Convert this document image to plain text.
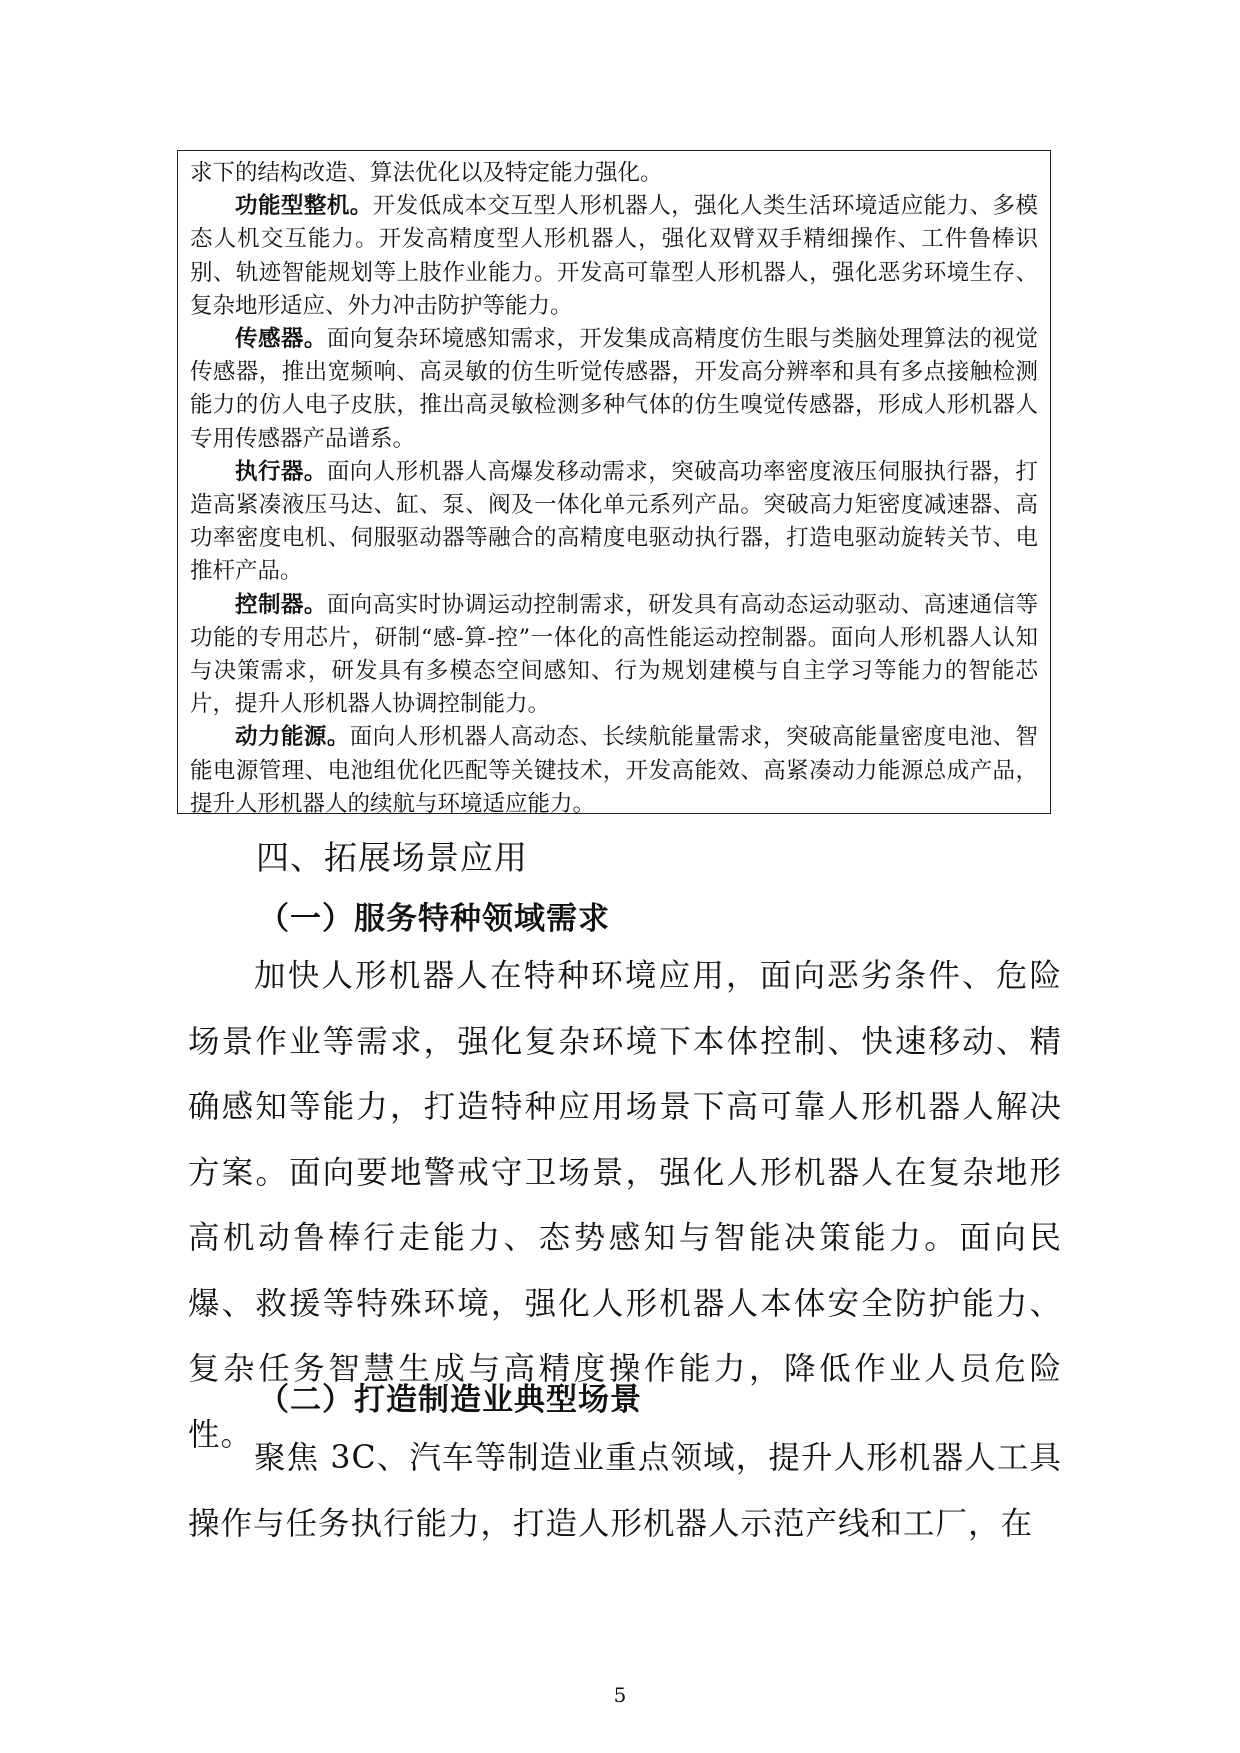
求下的结构改造、算法优化以及特定能力强化。

功能型整机。开发低成本交互型人形机器人，强化人类生活环境适应能力、多模态人机交互能力。开发高精度型人形机器人，强化双臂双手精细操作、工件鲁棒识别、轨迹智能规划等上肢作业能力。开发高可靠型人形机器人，强化恶劣环境生存、复杂地形适应、外力冲击防护等能力。

传感器。面向复杂环境感知需求，开发集成高精度仿生眼与类脑处理算法的视觉传感器，推出宽频响、高灵敏的仿生听觉传感器，开发高分辨率和具有多点接触检测能力的仿人电子皮肤，推出高灵敏检测多种气体的仿生嗅觉传感器，形成人形机器人专用传感器产品谱系。

执行器。面向人形机器人高爆发移动需求，突破高功率密度液压伺服执行器，打造高紧凑液压马达、缸、泵、阀及一体化单元系列产品。突破高力矩密度减速器、高功率密度电机、伺服驱动器等融合的高精度电驱动执行器，打造电驱动旋转关节、电推杆产品。

控制器。面向高实时协调运动控制需求，研发具有高动态运动驱动、高速通信等功能的专用芯片，研制“感-算-控”一体化的高性能运动控制器。面向人形机器人认知与决策需求，研发具有多模态空间感知、行为规划建模与自主学习等能力的智能芯片，提升人形机器人协调控制能力。

动力能源。面向人形机器人高动态、长续航能量需求，突破高能量密度电池、智能电源管理、电池组优化匹配等关键技术，开发高能效、高紧凑动力能源总成产品，提升人形机器人的续航与环境适应能力。

四、拓展场景应用
（一）服务特种领域需求

加快人形机器人在特种环境应用，面向恶劣条件、危险场景作业等需求，强化复杂环境下本体控制、快速移动、精确感知等能力，打造特种应用场景下高可靠人形机器人解决方案。面向要地警戒守卫场景，强化人形机器人在复杂地形高机动鲁棒行走能力、态势感知与智能决策能力。面向民爆、救援等特殊环境，强化人形机器人本体安全防护能力、复杂任务智慧生成与高精度操作能力，降低作业人员危险性。

（二）打造制造业典型场景

聚焦 3C、汽车等制造业重点领域，提升人形机器人工具操作与任务执行能力，打造人形机器人示范产线和工厂，在

5
